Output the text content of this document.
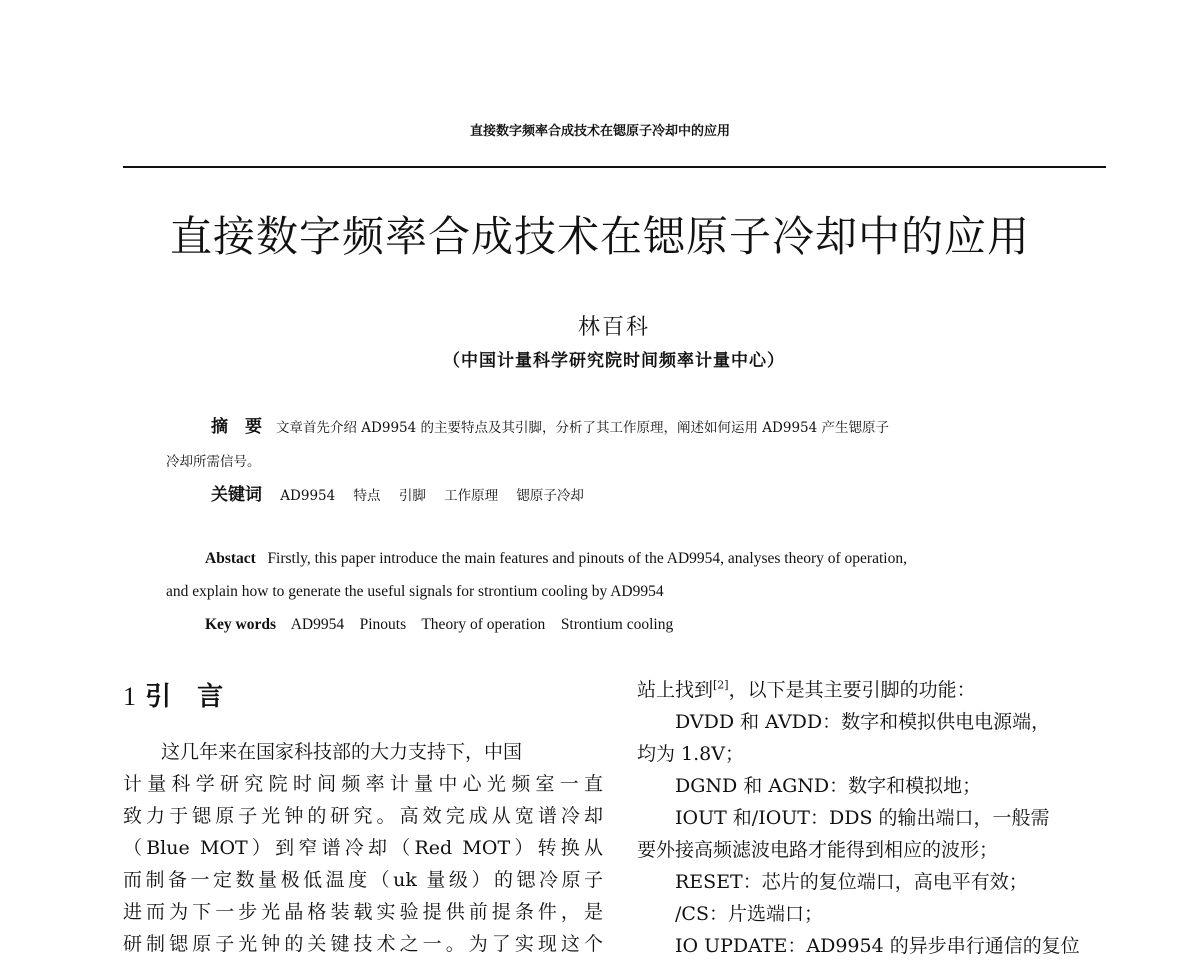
直接数字频率合成技术在锶原子冷却中的应用
直接数字频率合成技术在锶原子冷却中的应用
林百科
（中国计量科学研究院时间频率计量中心）
摘　要 文章首先介绍 AD9954 的主要特点及其引脚，分析了其工作原理，阐述如何运用 AD9954 产生锶原子
冷却所需信号。
关键词 AD9954 特点 引脚 工作原理 锶原子冷却
Abstact Firstly, this paper introduce the main features and pinouts of the AD9954, analyses theory of operation,
and explain how to generate the useful signals for strontium cooling by AD9954
Key words AD9954 Pinouts Theory of operation Strontium cooling
1 引　言
这几年来在国家科技部的大力支持下，中国
计量科学研究院时间频率计量中心光频室一直
致力于锶原子光钟的研究。高效完成从宽谱冷却
（Blue MOT）到窄谱冷却（Red MOT）转换从
而制备一定数量极低温度（uk 量级）的锶冷原子
进而为下一步光晶格装载实验提供前提条件，是
研制锶原子光钟的关键技术之一。为了实现这个
站上找到[2]，以下是其主要引脚的功能：
DVDD 和 AVDD：数字和模拟供电电源端，
均为 1.8V；
DGND 和 AGND：数字和模拟地；
IOUT 和/IOUT：DDS 的输出端口，一般需
要外接高频滤波电路才能得到相应的波形；
RESET：芯片的复位端口，高电平有效；
/CS：片选端口；
IO UPDATE：AD9954 的异步串行通信的复位
